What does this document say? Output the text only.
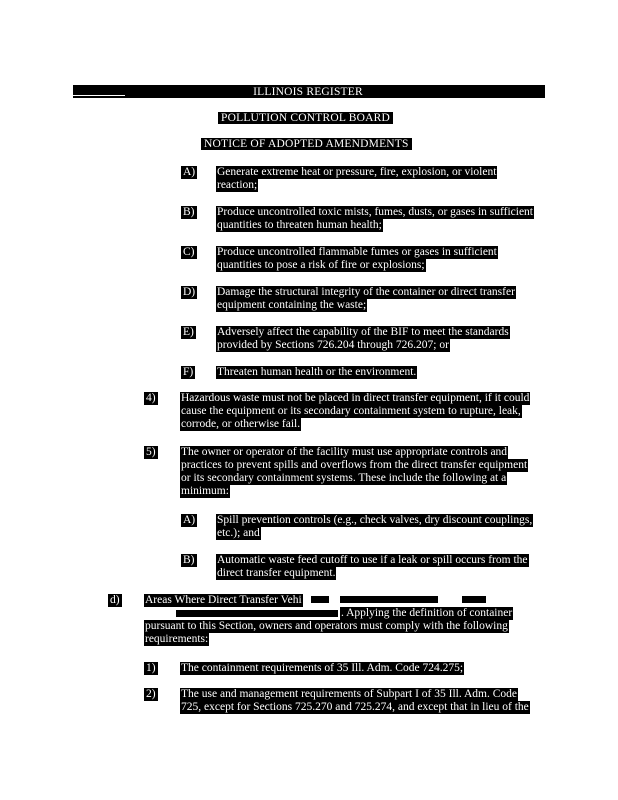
ILLINOIS REGISTER
POLLUTION CONTROL BOARD
NOTICE OF ADOPTED AMENDMENTS
A) Generate extreme heat or pressure, fire, explosion, or violent
reaction;
B) Produce uncontrolled toxic mists, fumes, dusts, or gases in sufficient
quantities to threaten human health;
C) Produce uncontrolled flammable fumes or gases in sufficient
quantities to pose a risk of fire or explosions;
D) Damage the structural integrity of the container or direct transfer
equipment containing the waste;
E) Adversely affect the capability of the BIF to meet the standards
provided by Sections 726.204 through 726.207; or
F) Threaten human health or the environment.
4) Hazardous waste must not be placed in direct transfer equipment, if it could
cause the equipment or its secondary containment system to rupture, leak,
corrode, or otherwise fail.
5) The owner or operator of the facility must use appropriate controls and
practices to prevent spills and overflows from the direct transfer equipment
or its secondary containment systems. These include the following at a
minimum:
A) Spill prevention controls (e.g., check valves, dry discount couplings,
etc.); and
B) Automatic waste feed cutoff to use if a leak or spill occurs from the
direct transfer equipment.
d) Areas Where Direct Transfer Vehi
. Applying the definition of container
pursuant to this Section, owners and operators must comply with the following
requirements:
1) The containment requirements of 35 Ill. Adm. Code 724.275;
2) The use and management requirements of Subpart I of 35 Ill. Adm. Code
725, except for Sections 725.270 and 725.274, and except that in lieu of the
